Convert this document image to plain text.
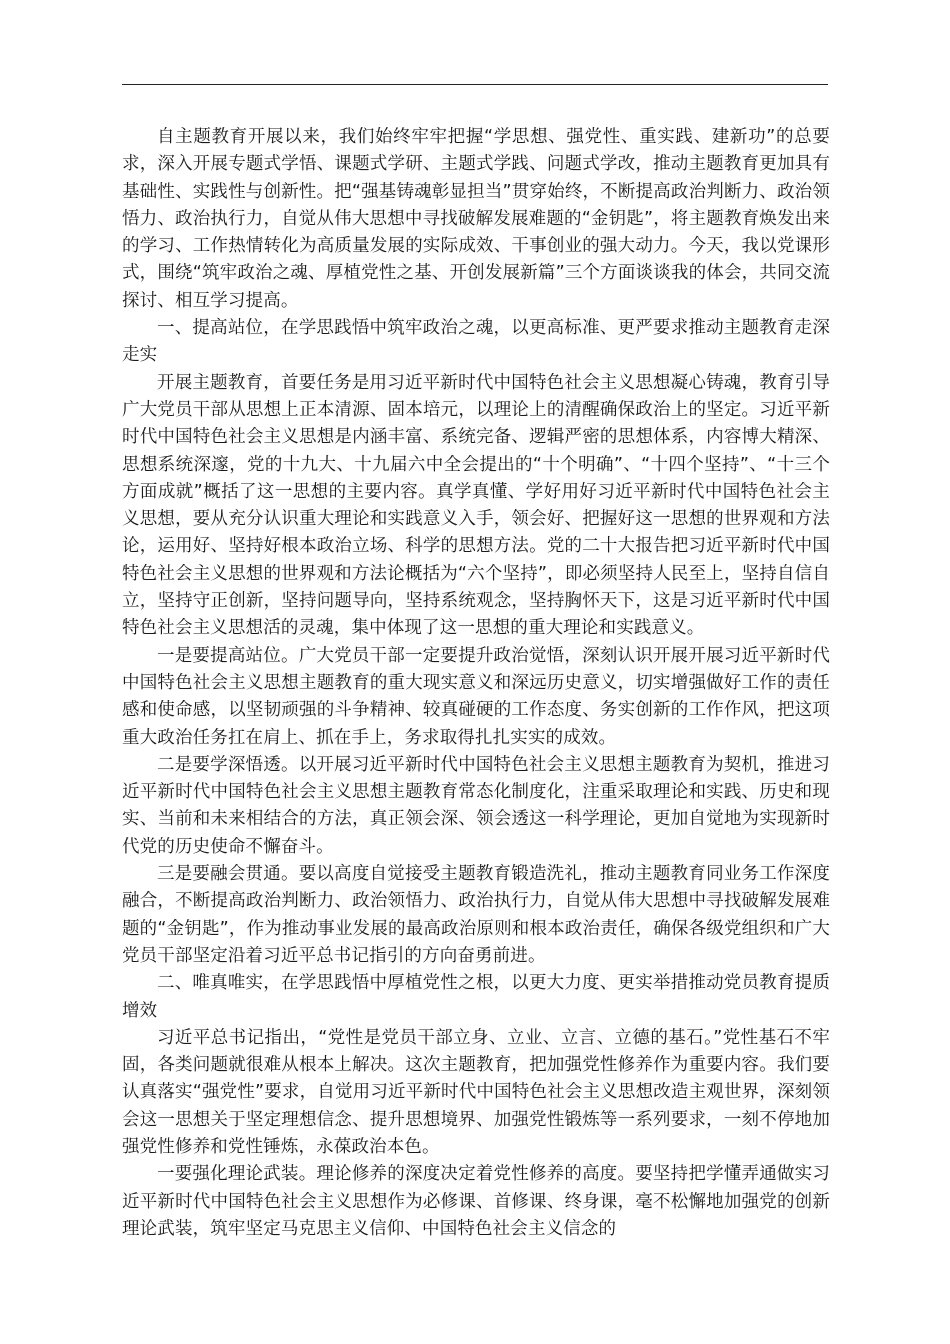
自主题教育开展以来，我们始终牢牢把握“学思想、强党性、重实践、建新功”的总要求，深入开展专题式学悟、课题式学研、主题式学践、问题式学改，推动主题教育更加具有基础性、实践性与创新性。把“强基铸魂彰显担当”贯穿始终，不断提高政治判断力、政治领悟力、政治执行力，自觉从伟大思想中寻找破解发展难题的“金钥匙”，将主题教育焕发出来的学习、工作热情转化为高质量发展的实际成效、干事创业的强大动力。今天，我以党课形式，围绕“筑牢政治之魂、厚植党性之基、开创发展新篇”三个方面谈谈我的体会，共同交流探讨、相互学习提高。

一、提高站位，在学思践悟中筑牢政治之魂，以更高标准、更严要求推动主题教育走深走实

开展主题教育，首要任务是用习近平新时代中国特色社会主义思想凝心铸魂，教育引导广大党员干部从思想上正本清源、固本培元，以理论上的清醒确保政治上的坚定。习近平新时代中国特色社会主义思想是内涵丰富、系统完备、逻辑严密的思想体系，内容博大精深、思想系统深邃，党的十九大、十九届六中全会提出的“十个明确”、“十四个坚持”、“十三个方面成就”概括了这一思想的主要内容。真学真懂、学好用好习近平新时代中国特色社会主义思想，要从充分认识重大理论和实践意义入手，领会好、把握好这一思想的世界观和方法论，运用好、坚持好根本政治立场、科学的思想方法。党的二十大报告把习近平新时代中国特色社会主义思想的世界观和方法论概括为“六个坚持”，即必须坚持人民至上，坚持自信自立，坚持守正创新，坚持问题导向，坚持系统观念，坚持胸怀天下，这是习近平新时代中国特色社会主义思想活的灵魂，集中体现了这一思想的重大理论和实践意义。

一是要提高站位。广大党员干部一定要提升政治觉悟，深刻认识开展开展习近平新时代中国特色社会主义思想主题教育的重大现实意义和深远历史意义，切实增强做好工作的责任感和使命感，以坚韧顽强的斗争精神、较真碰硬的工作态度、务实创新的工作作风，把这项重大政治任务扛在肩上、抓在手上，务求取得扎扎实实的成效。

二是要学深悟透。以开展习近平新时代中国特色社会主义思想主题教育为契机，推进习近平新时代中国特色社会主义思想主题教育常态化制度化，注重采取理论和实践、历史和现实、当前和未来相结合的方法，真正领会深、领会透这一科学理论，更加自觉地为实现新时代党的历史使命不懈奋斗。

三是要融会贯通。要以高度自觉接受主题教育锻造洗礼，推动主题教育同业务工作深度融合，不断提高政治判断力、政治领悟力、政治执行力，自觉从伟大思想中寻找破解发展难题的“金钥匙”，作为推动事业发展的最高政治原则和根本政治责任，确保各级党组织和广大党员干部坚定沿着习近平总书记指引的方向奋勇前进。

二、唯真唯实，在学思践悟中厚植党性之根，以更大力度、更实举措推动党员教育提质增效

习近平总书记指出，“党性是党员干部立身、立业、立言、立德的基石。”党性基石不牢固，各类问题就很难从根本上解决。这次主题教育，把加强党性修养作为重要内容。我们要认真落实“强党性”要求，自觉用习近平新时代中国特色社会主义思想改造主观世界，深刻领会这一思想关于坚定理想信念、提升思想境界、加强党性锻炼等一系列要求，一刻不停地加强党性修养和党性锤炼，永葆政治本色。

一要强化理论武装。理论修养的深度决定着党性修养的高度。要坚持把学懂弄通做实习近平新时代中国特色社会主义思想作为必修课、首修课、终身课，毫不松懈地加强党的创新理论武装，筑牢坚定马克思主义信仰、中国特色社会主义信念的
